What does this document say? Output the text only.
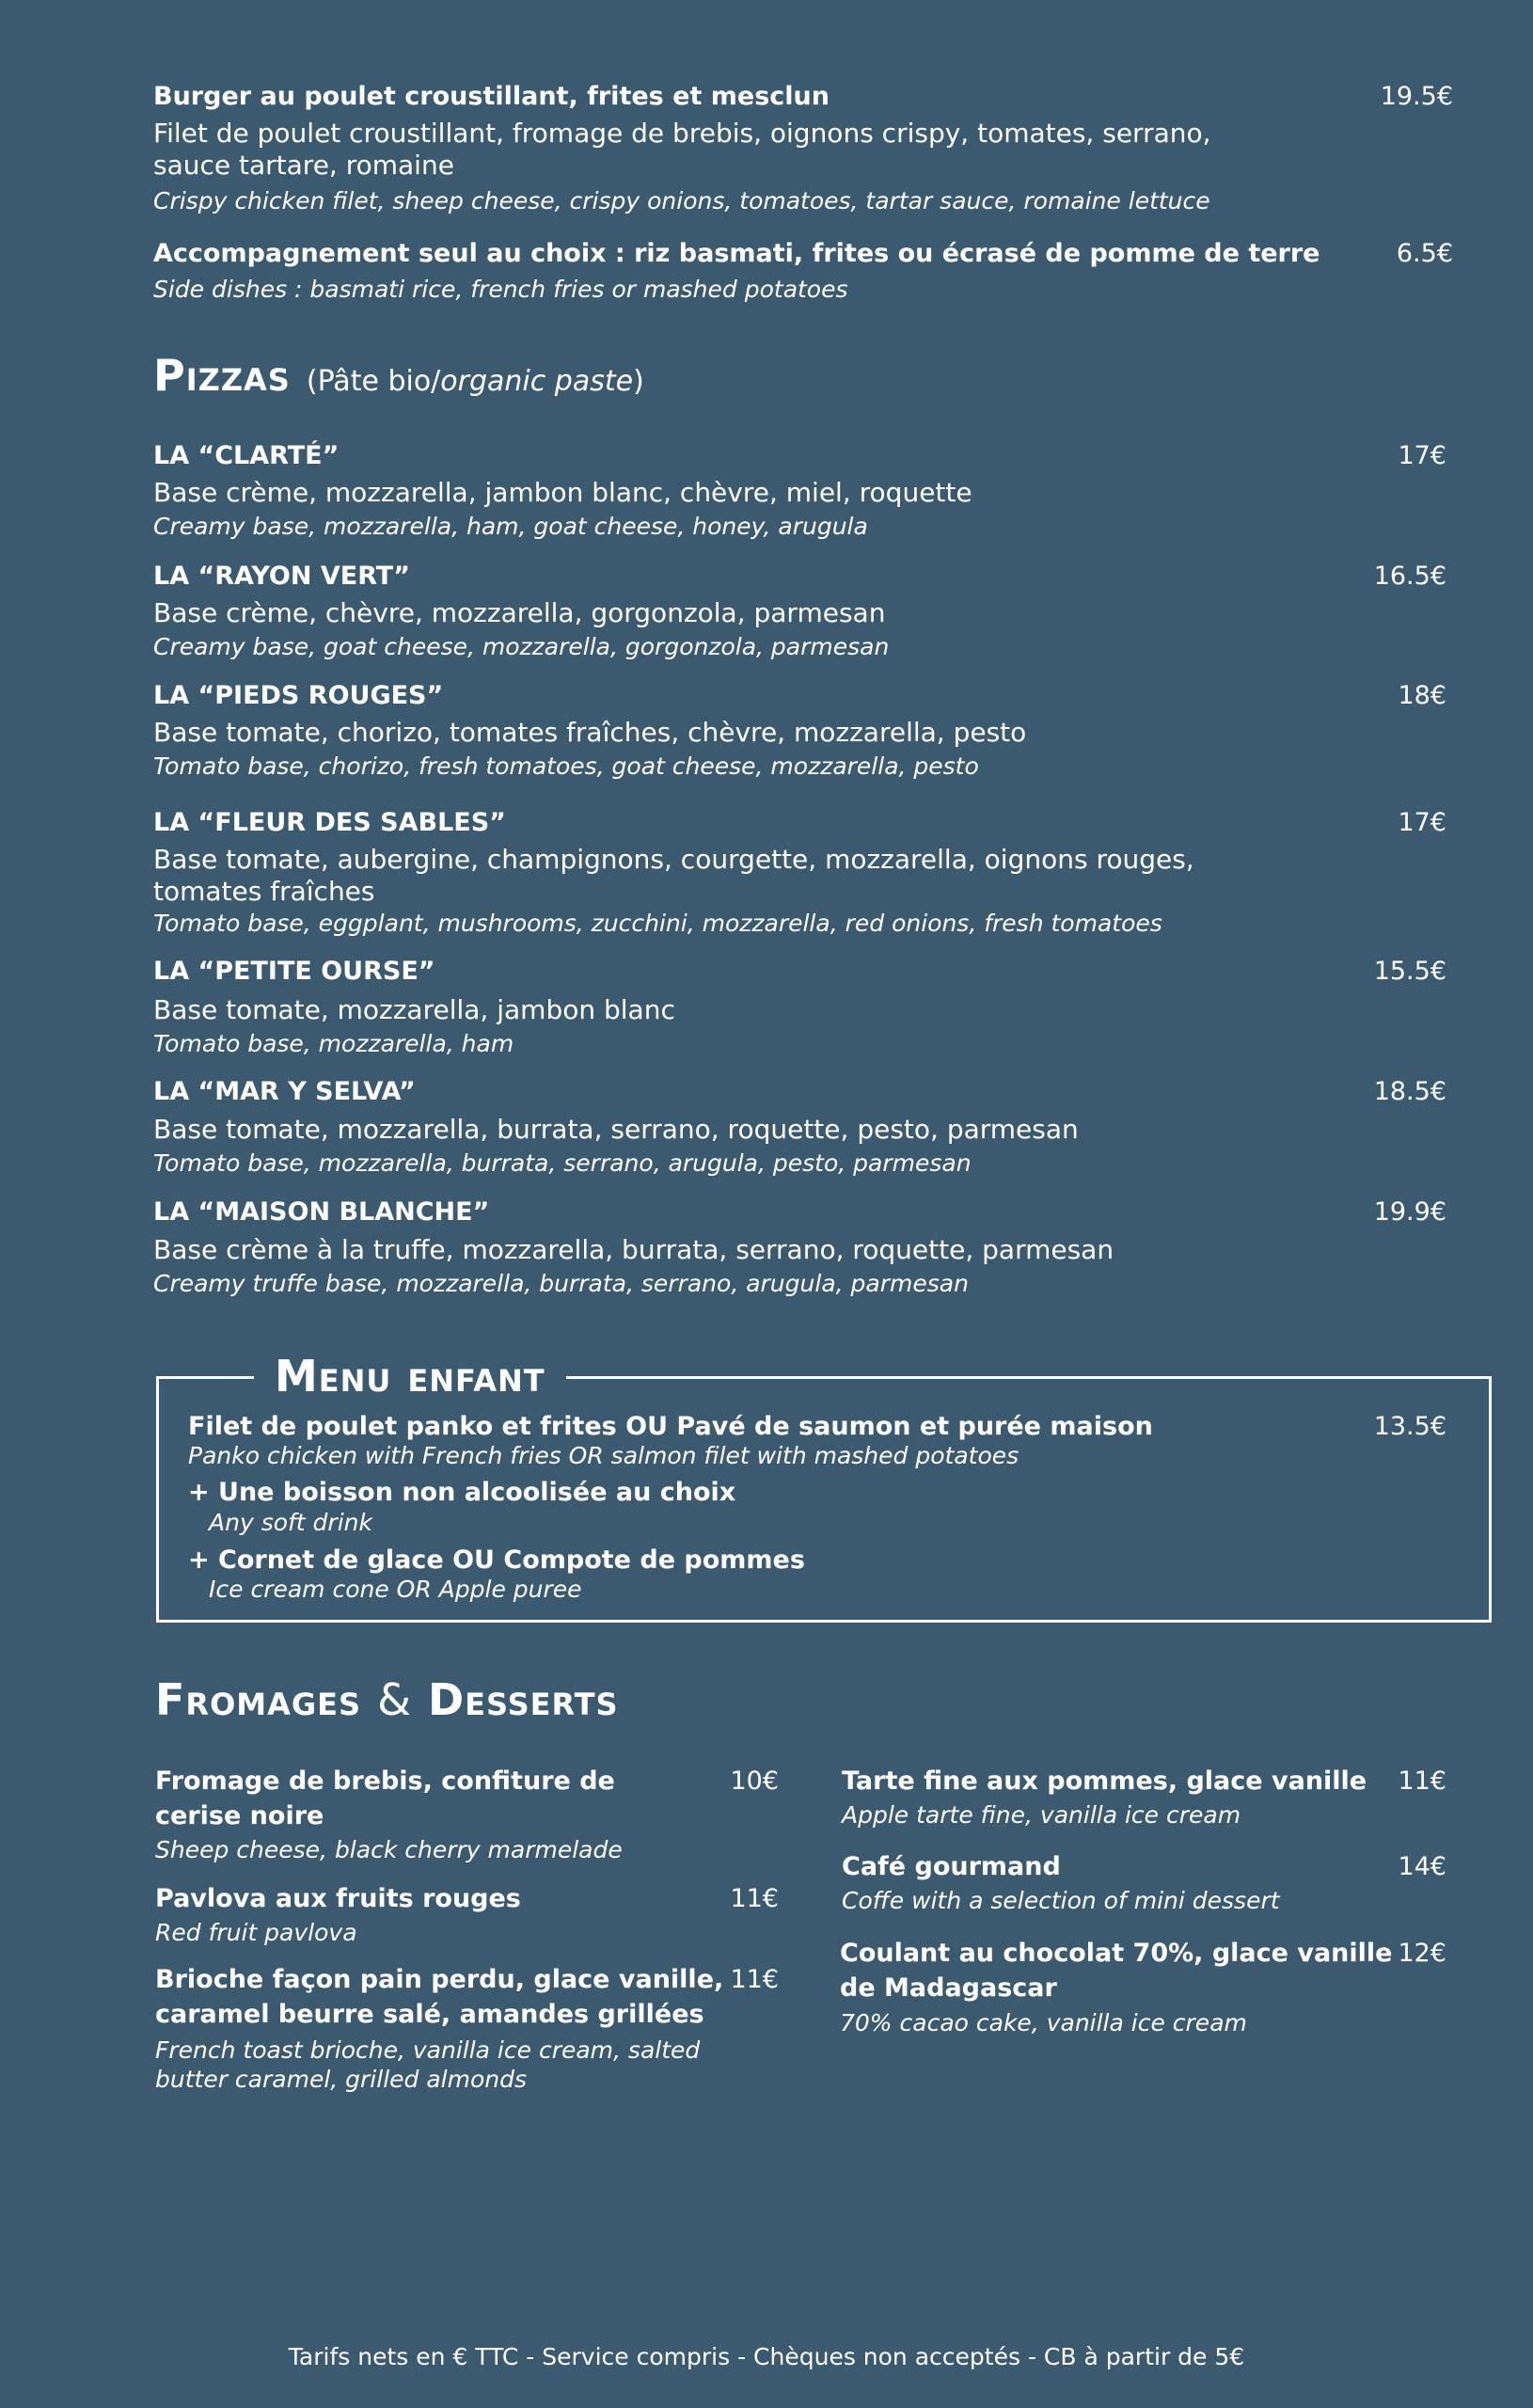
Burger au poulet croustillant, frites et mesclun	19.5€
Filet de poulet croustillant, fromage de brebis, oignons crispy, tomates, serrano,
sauce tartare, romaine
Crispy chicken filet, sheep cheese, crispy onions, tomatoes, tartar sauce, romaine lettuce
Accompagnement seul au choix : riz basmati, frites ou écrasé de pomme de terre	6.5€
Side dishes : basmati rice, french fries or mashed potatoes
Pizzas (Pâte bio/organic paste)
LA “CLARTÉ”	17€
Base crème, mozzarella, jambon blanc, chèvre, miel, roquette
Creamy base, mozzarella, ham, goat cheese, honey, arugula
LA “RAYON VERT”	16.5€
Base crème, chèvre, mozzarella, gorgonzola, parmesan
Creamy base, goat cheese, mozzarella, gorgonzola, parmesan
LA “PIEDS ROUGES”	18€
Base tomate, chorizo, tomates fraîches, chèvre, mozzarella, pesto
Tomato base, chorizo, fresh tomatoes, goat cheese, mozzarella, pesto
LA “FLEUR DES SABLES”	17€
Base tomate, aubergine, champignons, courgette, mozzarella, oignons rouges,
tomates fraîches
Tomato base, eggplant, mushrooms, zucchini, mozzarella, red onions, fresh tomatoes
LA “PETITE OURSE”	15.5€
Base tomate, mozzarella, jambon blanc
Tomato base, mozzarella, ham
LA “MAR Y SELVA”	18.5€
Base tomate, mozzarella, burrata, serrano, roquette, pesto, parmesan
Tomato base, mozzarella, burrata, serrano, arugula, pesto, parmesan
LA “MAISON BLANCHE”	19.9€
Base crème à la truffe, mozzarella, burrata, serrano, roquette, parmesan
Creamy truffe base, mozzarella, burrata, serrano, arugula, parmesan
Menu enfant
Filet de poulet panko et frites OU Pavé de saumon et purée maison	13.5€
Panko chicken with French fries OR salmon filet with mashed potatoes
+ Une boisson non alcoolisée au choix
Any soft drink
+ Cornet de glace OU Compote de pommes
Ice cream cone OR Apple puree
Fromages & Desserts
Fromage de brebis, confiture de
cerise noire
10€
Sheep cheese, black cherry marmelade
Pavlova aux fruits rouges	11€
Red fruit pavlova
Brioche façon pain perdu, glace vanille,
caramel beurre salé, amandes grillées
11€
French toast brioche, vanilla ice cream, salted
butter caramel, grilled almonds
Tarte fine aux pommes, glace vanille 11€
Apple tarte fine, vanilla ice cream
Café gourmand	14€
Coffe with a selection of mini dessert
Coulant au chocolat 70%, glace vanille
de Madagascar
12€
70% cacao cake, vanilla ice cream
Tarifs nets en € TTC - Service compris - Chèques non acceptés - CB à partir de 5€
